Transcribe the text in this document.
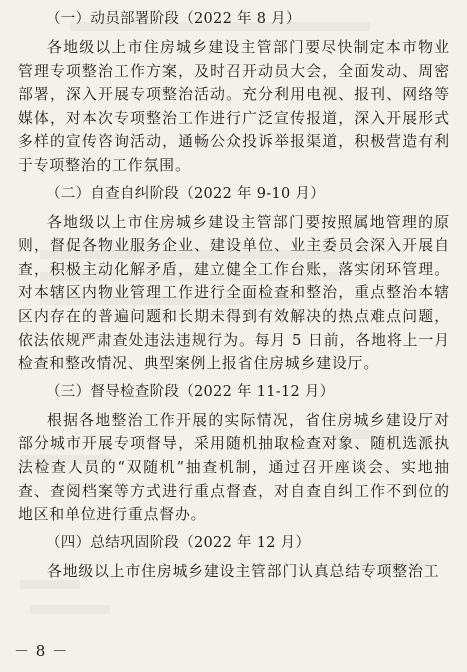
（一）动员部署阶段（2022 年 8 月）

各地级以上市住房城乡建设主管部门要尽快制定本市物业管理专项整治工作方案，及时召开动员大会，全面发动、周密部署，深入开展专项整治活动。充分利用电视、报刊、网络等媒体，对本次专项整治工作进行广泛宣传报道，深入开展形式多样的宣传咨询活动，通畅公众投诉举报渠道，积极营造有利于专项整治的工作氛围。

（二）自查自纠阶段（2022 年 9-10 月）

各地级以上市住房城乡建设主管部门要按照属地管理的原则，督促各物业服务企业、建设单位、业主委员会深入开展自查，积极主动化解矛盾，建立健全工作台账，落实闭环管理。对本辖区内物业管理工作进行全面检查和整治，重点整治本辖区内存在的普遍问题和长期未得到有效解决的热点难点问题，依法依规严肃查处违法违规行为。每月 5 日前，各地将上一月检查和整改情况、典型案例上报省住房城乡建设厅。

（三）督导检查阶段（2022 年 11-12 月）

根据各地整治工作开展的实际情况，省住房城乡建设厅对部分城市开展专项督导，采用随机抽取检查对象、随机选派执法检查人员的“双随机”抽查机制，通过召开座谈会、实地抽查、查阅档案等方式进行重点督查，对自查自纠工作不到位的地区和单位进行重点督办。

（四）总结巩固阶段（2022 年 12 月）

各地级以上市住房城乡建设主管部门认真总结专项整治工

－ 8 －
